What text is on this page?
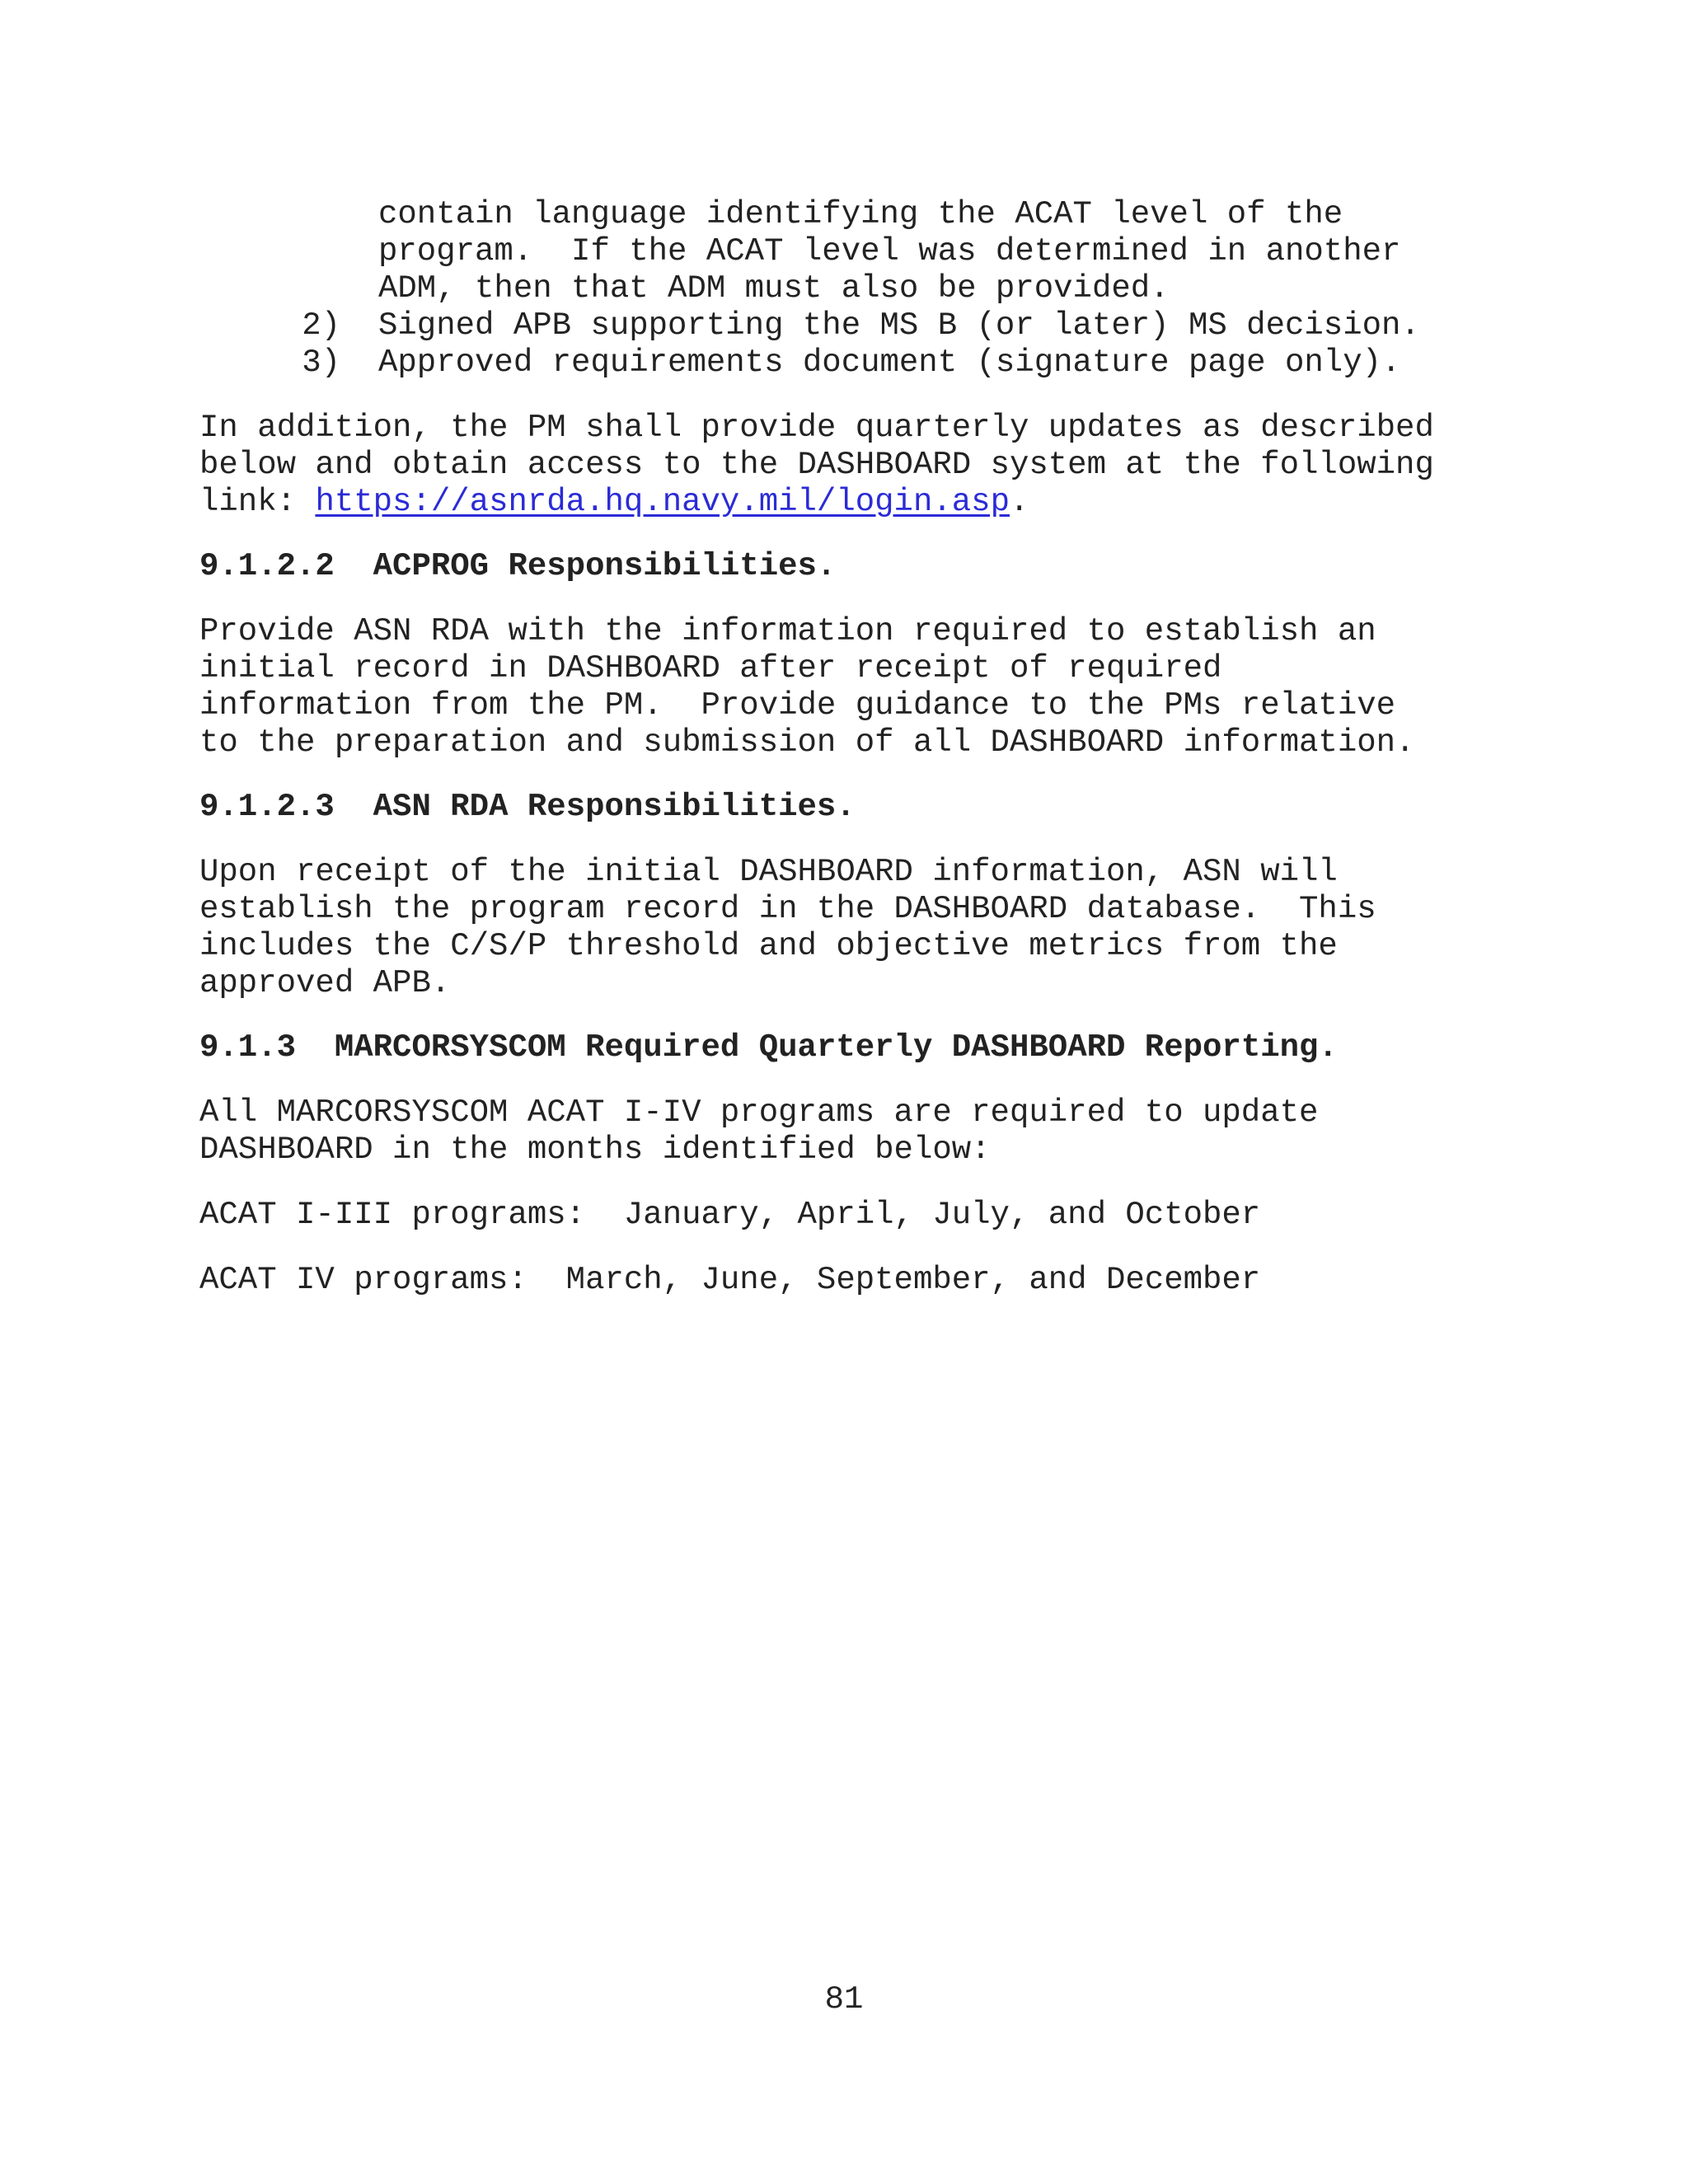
contain language identifying the ACAT level of the
program.  If the ACAT level was determined in another
ADM, then that ADM must also be provided.
2)	Signed APB supporting the MS B (or later) MS decision.
3)	Approved requirements document (signature page only).
In addition, the PM shall provide quarterly updates as described
below and obtain access to the DASHBOARD system at the following
link: https://asnrda.hq.navy.mil/login.asp.
9.1.2.2 ACPROG Responsibilities.
Provide ASN RDA with the information required to establish an
initial record in DASHBOARD after receipt of required
information from the PM.  Provide guidance to the PMs relative
to the preparation and submission of all DASHBOARD information.
9.1.2.3 ASN RDA Responsibilities.
Upon receipt of the initial DASHBOARD information, ASN will
establish the program record in the DASHBOARD database.  This
includes the C/S/P threshold and objective metrics from the
approved APB.
9.1.3 MARCORSYSCOM Required Quarterly DASHBOARD Reporting.
All MARCORSYSCOM ACAT I-IV programs are required to update
DASHBOARD in the months identified below:
ACAT I-III programs:  January, April, July, and October
ACAT IV programs:  March, June, September, and December
81
